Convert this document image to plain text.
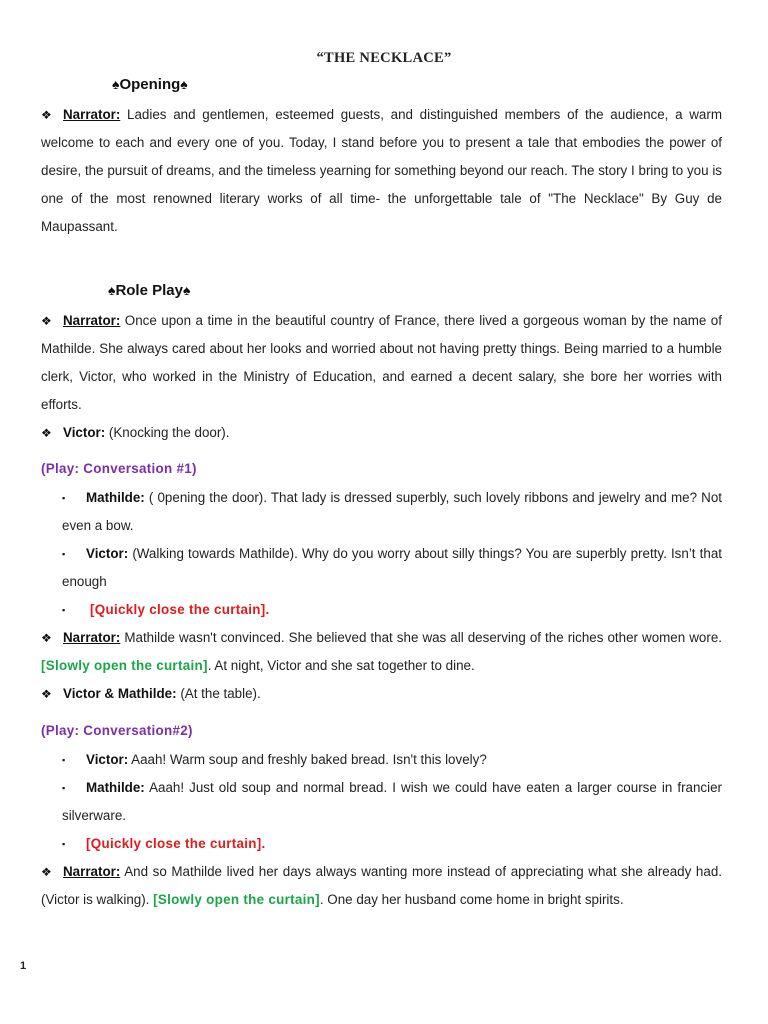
“THE NECKLACE”
♠Opening♠
❖ Narrator: Ladies and gentlemen, esteemed guests, and distinguished members of the audience, a warm welcome to each and every one of you. Today, I stand before you to present a tale that embodies the power of desire, the pursuit of dreams, and the timeless yearning for something beyond our reach. The story I bring to you is one of the most renowned literary works of all time- the unforgettable tale of "The Necklace" By Guy de Maupassant.
♠Role Play♠
❖ Narrator: Once upon a time in the beautiful country of France, there lived a gorgeous woman by the name of Mathilde. She always cared about her looks and worried about not having pretty things. Being married to a humble clerk, Victor, who worked in the Ministry of Education, and earned a decent salary, she bore her worries with efforts.
❖ Victor: (Knocking the door).
(Play: Conversation #1)
▪	Mathilde: ( 0pening the door). That lady is dressed superbly, such lovely ribbons and jewelry and me? Not even a bow.
▪	Victor: (Walking towards Mathilde). Why do you worry about silly things? You are superbly pretty. Isn’t that enough
▪	[Quickly close the curtain].
❖ Narrator: Mathilde wasn't convinced. She believed that she was all deserving of the riches other women wore. [Slowly open the curtain]. At night, Victor and she sat together to dine.
❖ Victor & Mathilde: (At the table).
(Play: Conversation#2)
▪	Victor: Aaah! Warm soup and freshly baked bread. Isn't this lovely?
▪	Mathilde: Aaah! Just old soup and normal bread. I wish we could have eaten a larger course in francier silverware.
▪	[Quickly close the curtain].
❖ Narrator: And so Mathilde lived her days always wanting more instead of appreciating what she already had. (Victor is walking). [Slowly open the curtain]. One day her husband come home in bright spirits.
1
